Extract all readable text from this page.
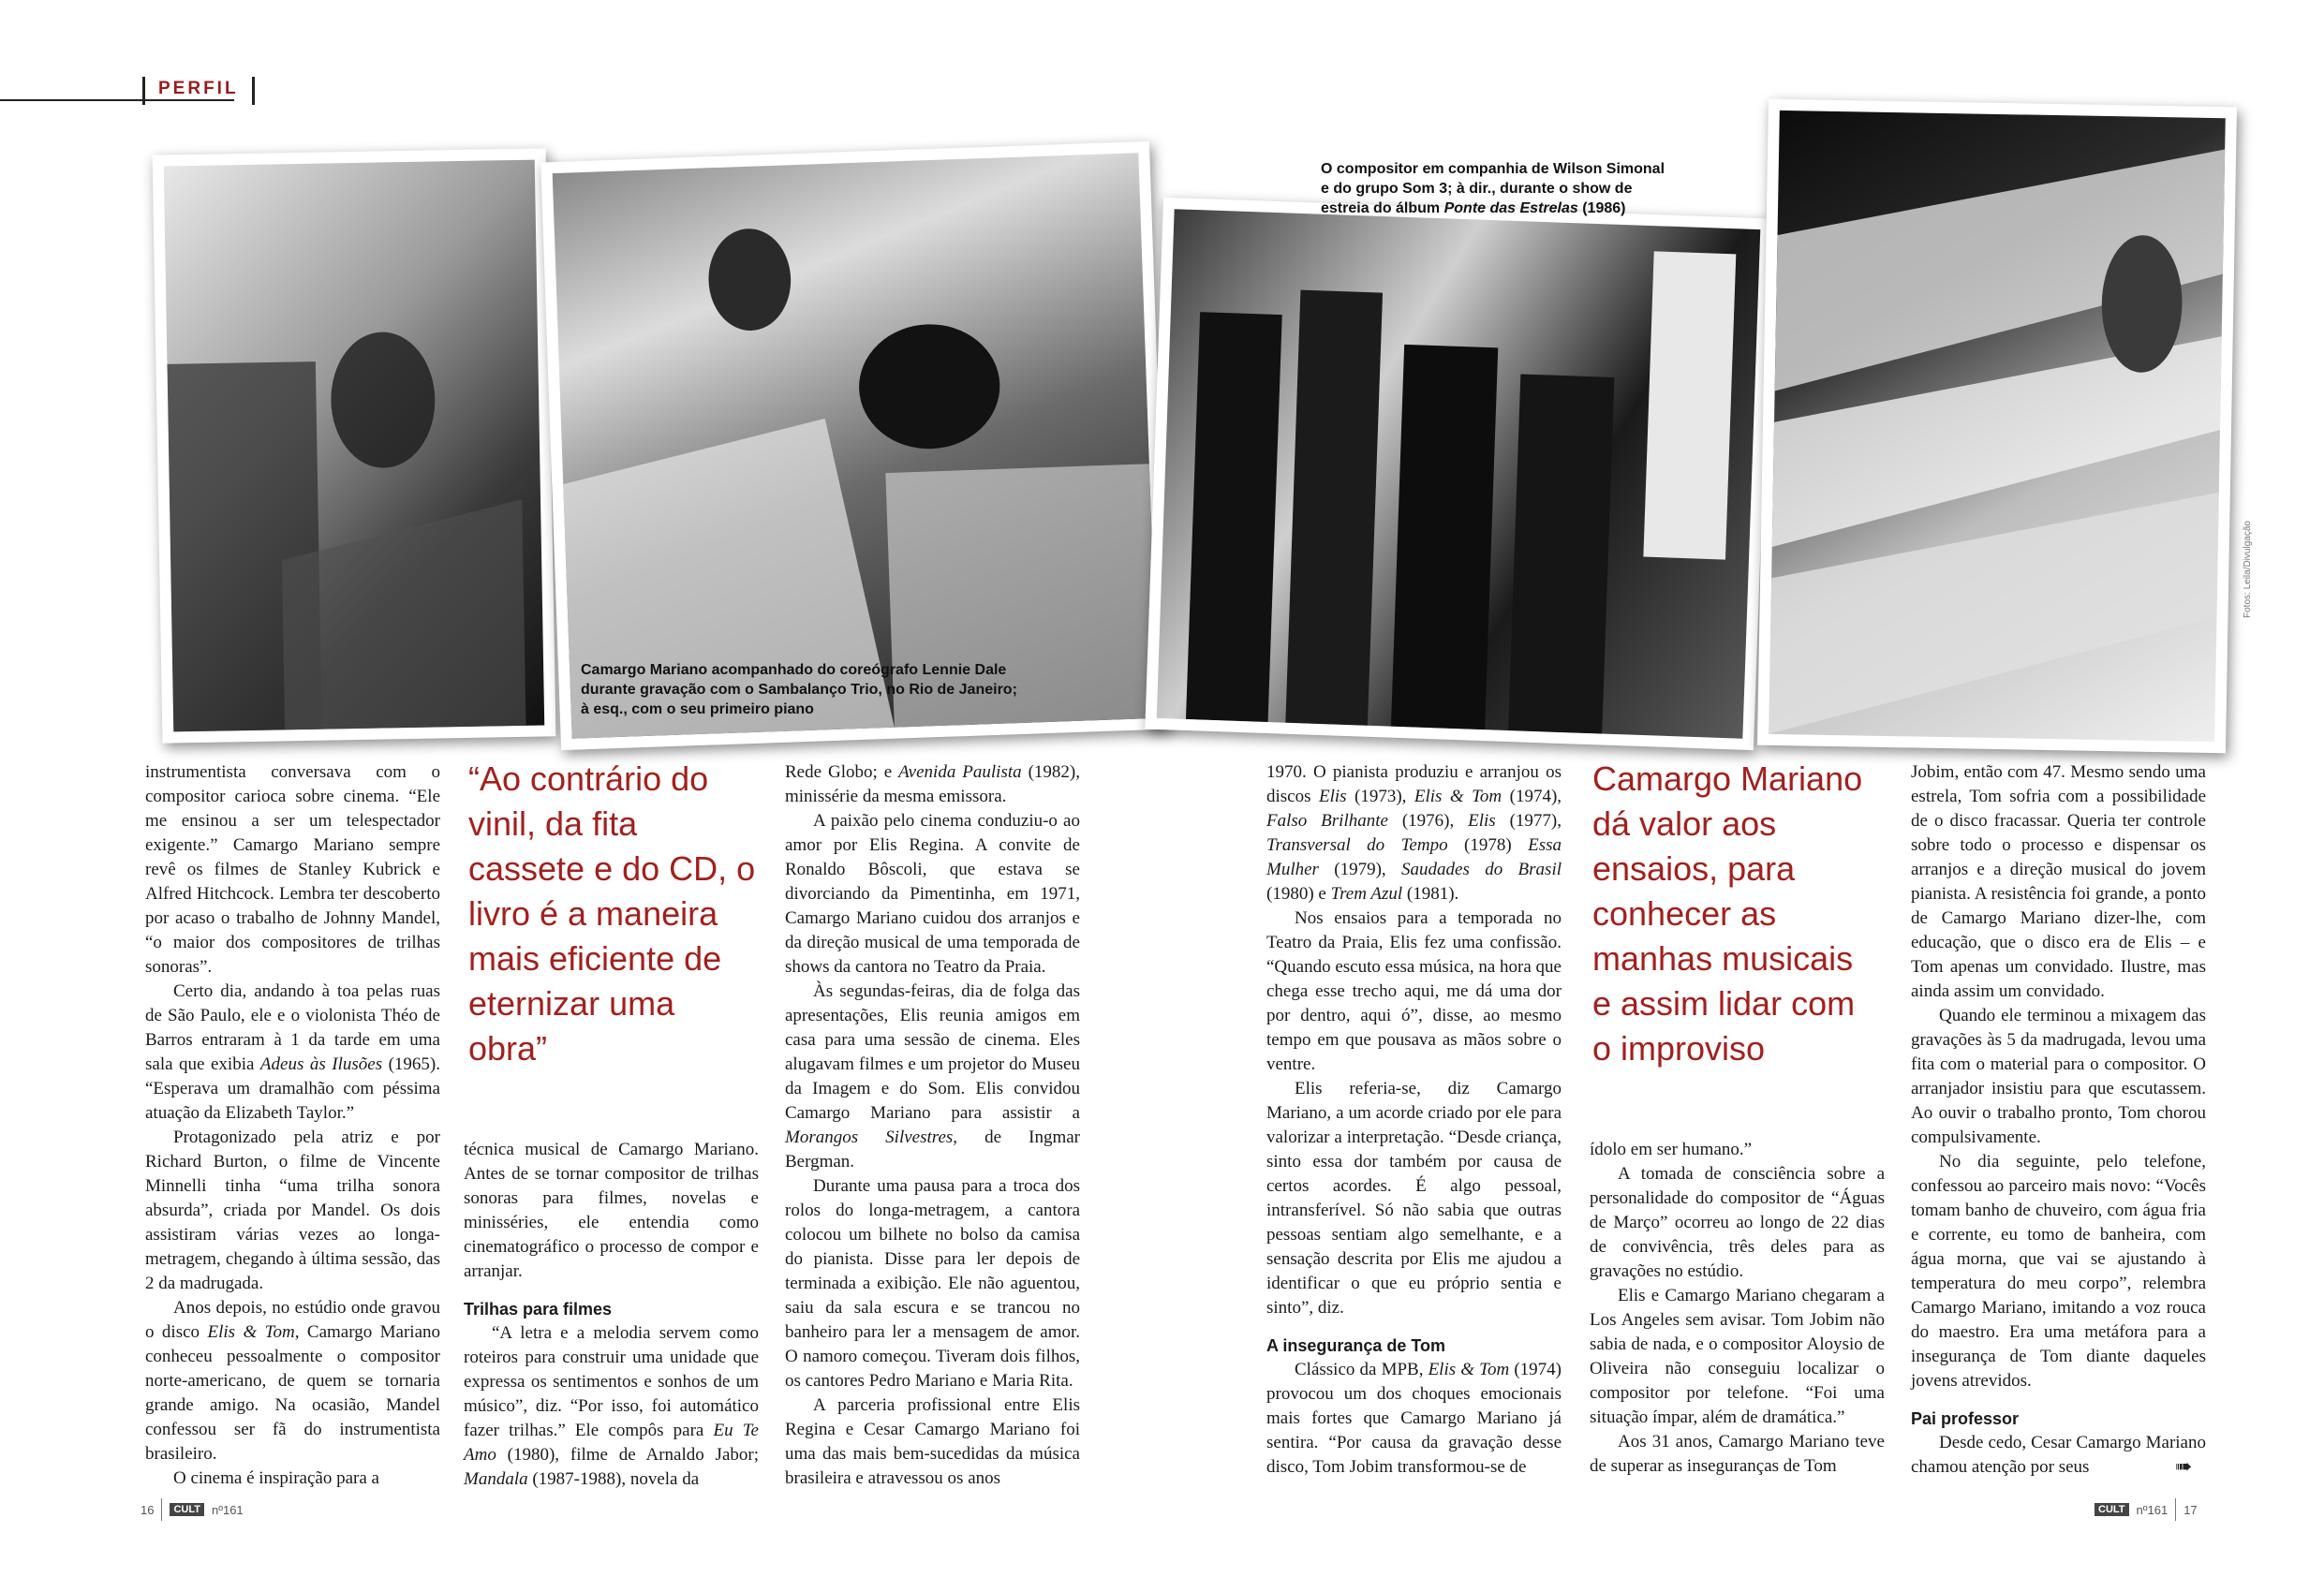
PERFIL
Camargo Mariano acompanhado do coreógrafo Lennie Dale durante gravação com o Sambalanço Trio, no Rio de Janeiro; à esq., com o seu primeiro piano
O compositor em companhia de Wilson Simonal
e do grupo Som 3; à dir., durante o show de
estreia do álbum Ponte das Estrelas (1986)
Fotos: Leila/Divulgação

instrumentista conversava com o compositor carioca sobre cinema. “Ele me ensinou a ser um telespectador exigente.” Camargo Mariano sempre revê os filmes de Stanley Kubrick e Alfred Hitchcock. Lembra ter descoberto por acaso o trabalho de Johnny Mandel, “o maior dos compositores de trilhas sonoras”.

Certo dia, andando à toa pelas ruas de São Paulo, ele e o violonista Théo de Barros entraram à 1 da tarde em uma sala que exibia Adeus às Ilusões (1965). “Esperava um dramalhão com péssima atuação da Elizabeth Taylor.”

Protagonizado pela atriz e por Richard Burton, o filme de Vincente Minnelli tinha “uma trilha sonora absurda”, criada por Mandel. Os dois assistiram várias vezes ao longa-metragem, chegando à última sessão, das 2 da madrugada.

Anos depois, no estúdio onde gravou o disco Elis & Tom, Camargo Mariano conheceu pessoalmente o compositor norte-americano, de quem se tornaria grande amigo. Na ocasião, Mandel confessou ser fã do instrumentista brasileiro.

O cinema é inspiração para a

“Ao contrário do vinil, da fita cassete e do CD, o livro é a maneira mais eficiente de eternizar uma obra”

técnica musical de Camargo Mariano. Antes de se tornar compositor de trilhas sonoras para filmes, novelas e minisséries, ele entendia como cinematográfico o processo de compor e arranjar.

Trilhas para filmes

“A letra e a melodia servem como roteiros para construir uma unidade que expressa os sentimentos e sonhos de um músico”, diz. “Por isso, foi automático fazer trilhas.” Ele compôs para Eu Te Amo (1980), filme de Arnaldo Jabor; Mandala (1987-1988), novela da

Rede Globo; e Avenida Paulista (1982), minissérie da mesma emissora.

A paixão pelo cinema conduziu-o ao amor por Elis Regina. A convite de Ronaldo Bôscoli, que estava se divorciando da Pimentinha, em 1971, Camargo Mariano cuidou dos arranjos e da direção musical de uma temporada de shows da cantora no Teatro da Praia.

Às segundas-feiras, dia de folga das apresentações, Elis reunia amigos em casa para uma sessão de cinema. Eles alugavam filmes e um projetor do Museu da Imagem e do Som. Elis convidou Camargo Mariano para assistir a Morangos Silvestres, de Ingmar Bergman.

Durante uma pausa para a troca dos rolos do longa-metragem, a cantora colocou um bilhete no bolso da camisa do pianista. Disse para ler depois de terminada a exibição. Ele não aguentou, saiu da sala escura e se trancou no banheiro para ler a mensagem de amor. O namoro começou. Tiveram dois filhos, os cantores Pedro Mariano e Maria Rita.

A parceria profissional entre Elis Regina e Cesar Camargo Mariano foi uma das mais bem-sucedidas da música brasileira e atravessou os anos

1970. O pianista produziu e arranjou os discos Elis (1973), Elis & Tom (1974), Falso Brilhante (1976), Elis (1977), Transversal do Tempo (1978) Essa Mulher (1979), Saudades do Brasil (1980) e Trem Azul (1981).

Nos ensaios para a temporada no Teatro da Praia, Elis fez uma confissão. “Quando escuto essa música, na hora que chega esse trecho aqui, me dá uma dor por dentro, aqui ó”, disse, ao mesmo tempo em que pousava as mãos sobre o ventre.

Elis referia-se, diz Camargo Mariano, a um acorde criado por ele para valorizar a interpretação. “Desde criança, sinto essa dor também por causa de certos acordes. É algo pessoal, intransferível. Só não sabia que outras pessoas sentiam algo semelhante, e a sensação descrita por Elis me ajudou a identificar o que eu próprio sentia e sinto”, diz.

A insegurança de Tom

Clássico da MPB, Elis & Tom (1974) provocou um dos choques emocionais mais fortes que Camargo Mariano já sentira. “Por causa da gravação desse disco, Tom Jobim transformou-se de

Camargo Mariano dá valor aos ensaios, para conhecer as manhas musicais e assim lidar com o improviso

ídolo em ser humano.”

A tomada de consciência sobre a personalidade do compositor de “Águas de Março” ocorreu ao longo de 22 dias de convivência, três deles para as gravações no estúdio.

Elis e Camargo Mariano chegaram a Los Angeles sem avisar. Tom Jobim não sabia de nada, e o compositor Aloysio de Oliveira não conseguiu localizar o compositor por telefone. “Foi uma situação ímpar, além de dramática.”

Aos 31 anos, Camargo Mariano teve de superar as inseguranças de Tom

Jobim, então com 47. Mesmo sendo uma estrela, Tom sofria com a possibilidade de o disco fracassar. Queria ter controle sobre todo o processo e dispensar os arranjos e a direção musical do jovem pianista. A resistência foi grande, a ponto de Camargo Mariano dizer-lhe, com educação, que o disco era de Elis – e Tom apenas um convidado. Ilustre, mas ainda assim um convidado.

Quando ele terminou a mixagem das gravações às 5 da madrugada, levou uma fita com o material para o compositor. O arranjador insistiu para que escutassem. Ao ouvir o trabalho pronto, Tom chorou compulsivamente.

No dia seguinte, pelo telefone, confessou ao parceiro mais novo: “Vocês tomam banho de chuveiro, com água fria e corrente, eu tomo de banheira, com água morna, que vai se ajustando à temperatura do meu corpo”, relembra Camargo Mariano, imitando a voz rouca do maestro. Era uma metáfora para a insegurança de Tom diante daqueles jovens atrevidos.

Pai professor

Desde cedo, Cesar Camargo Mariano chamou atenção por seus	➠
16	CULT nº161	CULT nº161 17
